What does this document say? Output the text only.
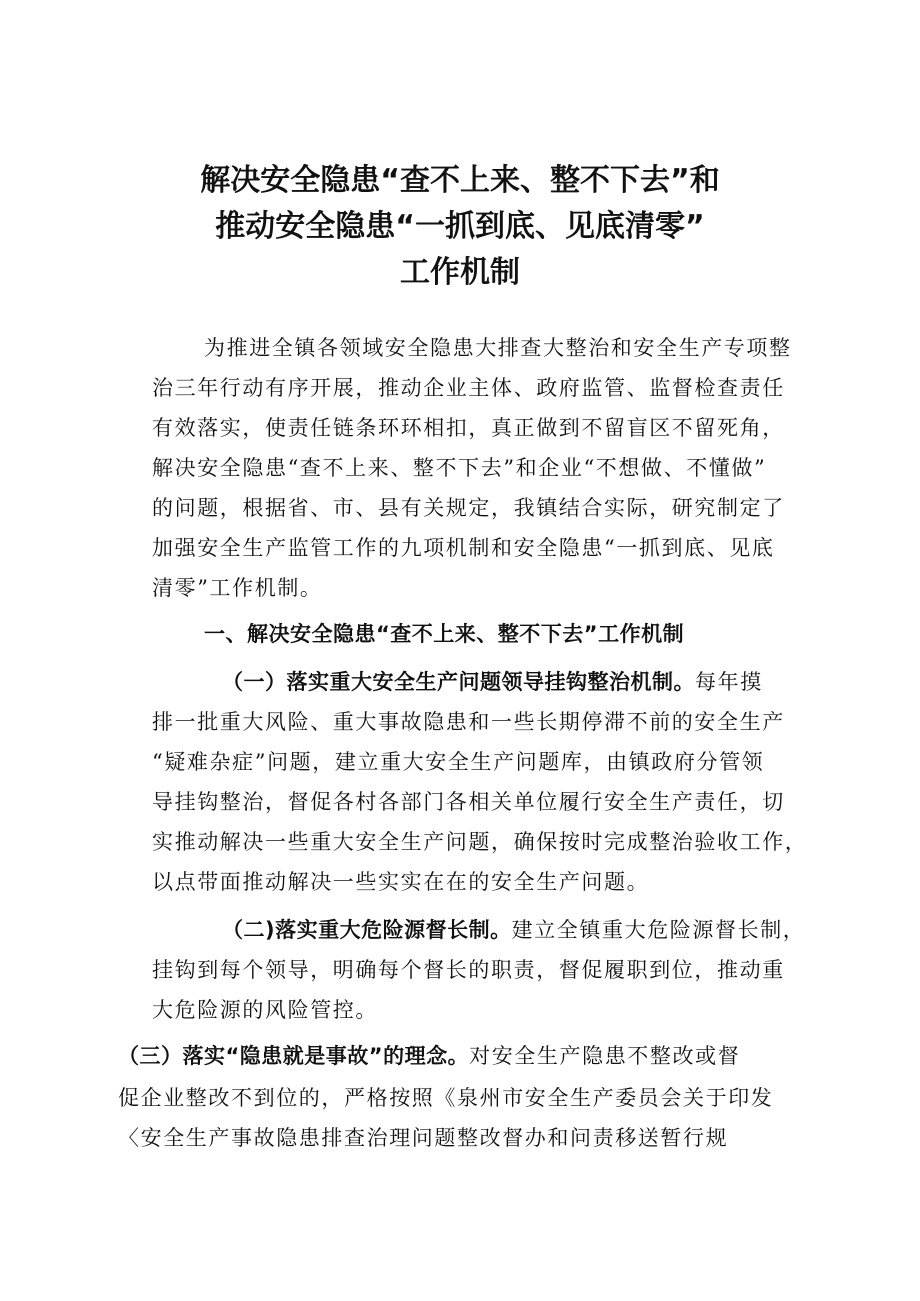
解决安全隐患“查不上来、整不下去”和
推动安全隐患“一抓到底、见底清零”
工作机制
为推进全镇各领域安全隐患大排查大整治和安全生产专项整
治三年行动有序开展，推动企业主体、政府监管、监督检查责任
有效落实，使责任链条环环相扣，真正做到不留盲区不留死角，
解决安全隐患“查不上来、整不下去”和企业“不想做、不懂做”
的问题，根据省、市、县有关规定，我镇结合实际，研究制定了
加强安全生产监管工作的九项机制和安全隐患“一抓到底、见底
清零”工作机制。
一、解决安全隐患“查不上来、整不下去”工作机制
（一）落实重大安全生产问题领导挂钩整治机制。每年摸
排一批重大风险、重大事故隐患和一些长期停滞不前的安全生产
“疑难杂症”问题，建立重大安全生产问题库，由镇政府分管领
导挂钩整治，督促各村各部门各相关单位履行安全生产责任，切
实推动解决一些重大安全生产问题，确保按时完成整治验收工作，
以点带面推动解决一些实实在在的安全生产问题。
（二)落实重大危险源督长制。建立全镇重大危险源督长制，
挂钩到每个领导，明确每个督长的职责，督促履职到位，推动重
大危险源的风险管控。
（三）落实“隐患就是事故”的理念。对安全生产隐患不整改或督
促企业整改不到位的，严格按照《泉州市安全生产委员会关于印发
〈安全生产事故隐患排查治理问题整改督办和问责移送暂行规
